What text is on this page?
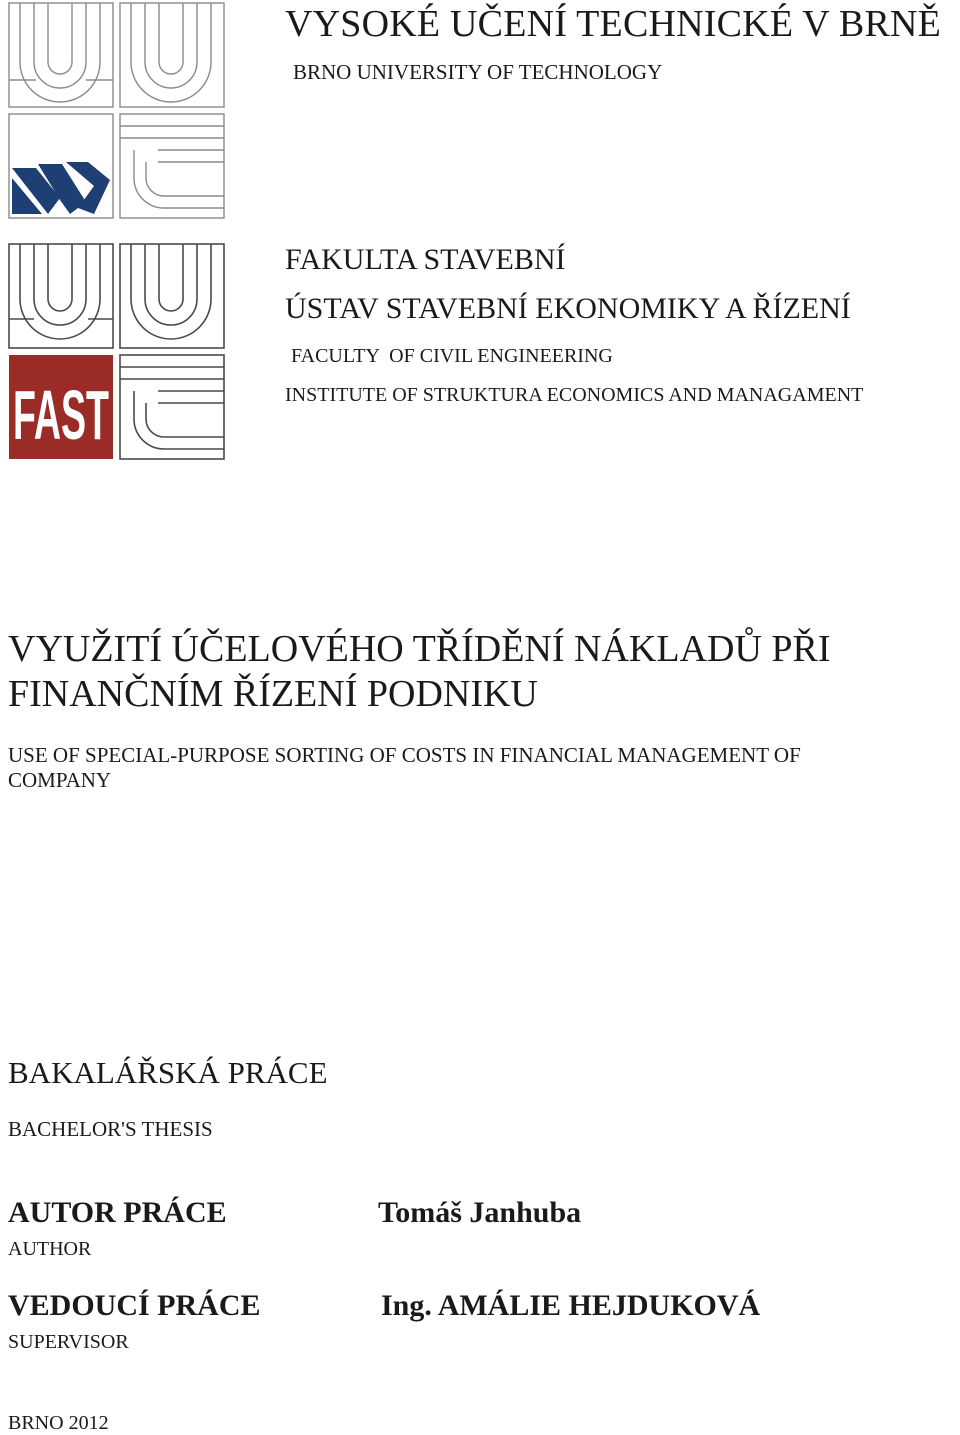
FAST
VYSOKÉ UČENÍ TECHNICKÉ V BRNĚ
BRNO UNIVERSITY OF TECHNOLOGY
FAKULTA STAVEBNÍ
ÚSTAV STAVEBNÍ EKONOMIKY A ŘÍZENÍ
FACULTY  OF CIVIL ENGINEERING
INSTITUTE OF STRUKTURA ECONOMICS AND MANAGAMENT
VYUŽITÍ ÚČELOVÉHO TŘÍDĚNÍ NÁKLADŮ PŘI FINANČNÍM ŘÍZENÍ PODNIKU
USE OF SPECIAL-PURPOSE SORTING OF COSTS IN FINANCIAL MANAGEMENT OF COMPANY
BAKALÁŘSKÁ PRÁCE
BACHELOR'S THESIS
AUTOR PRÁCE
AUTHOR
Tomáš Janhuba
VEDOUCÍ PRÁCE
SUPERVISOR
Ing. AMÁLIE HEJDUKOVÁ
BRNO 2012
